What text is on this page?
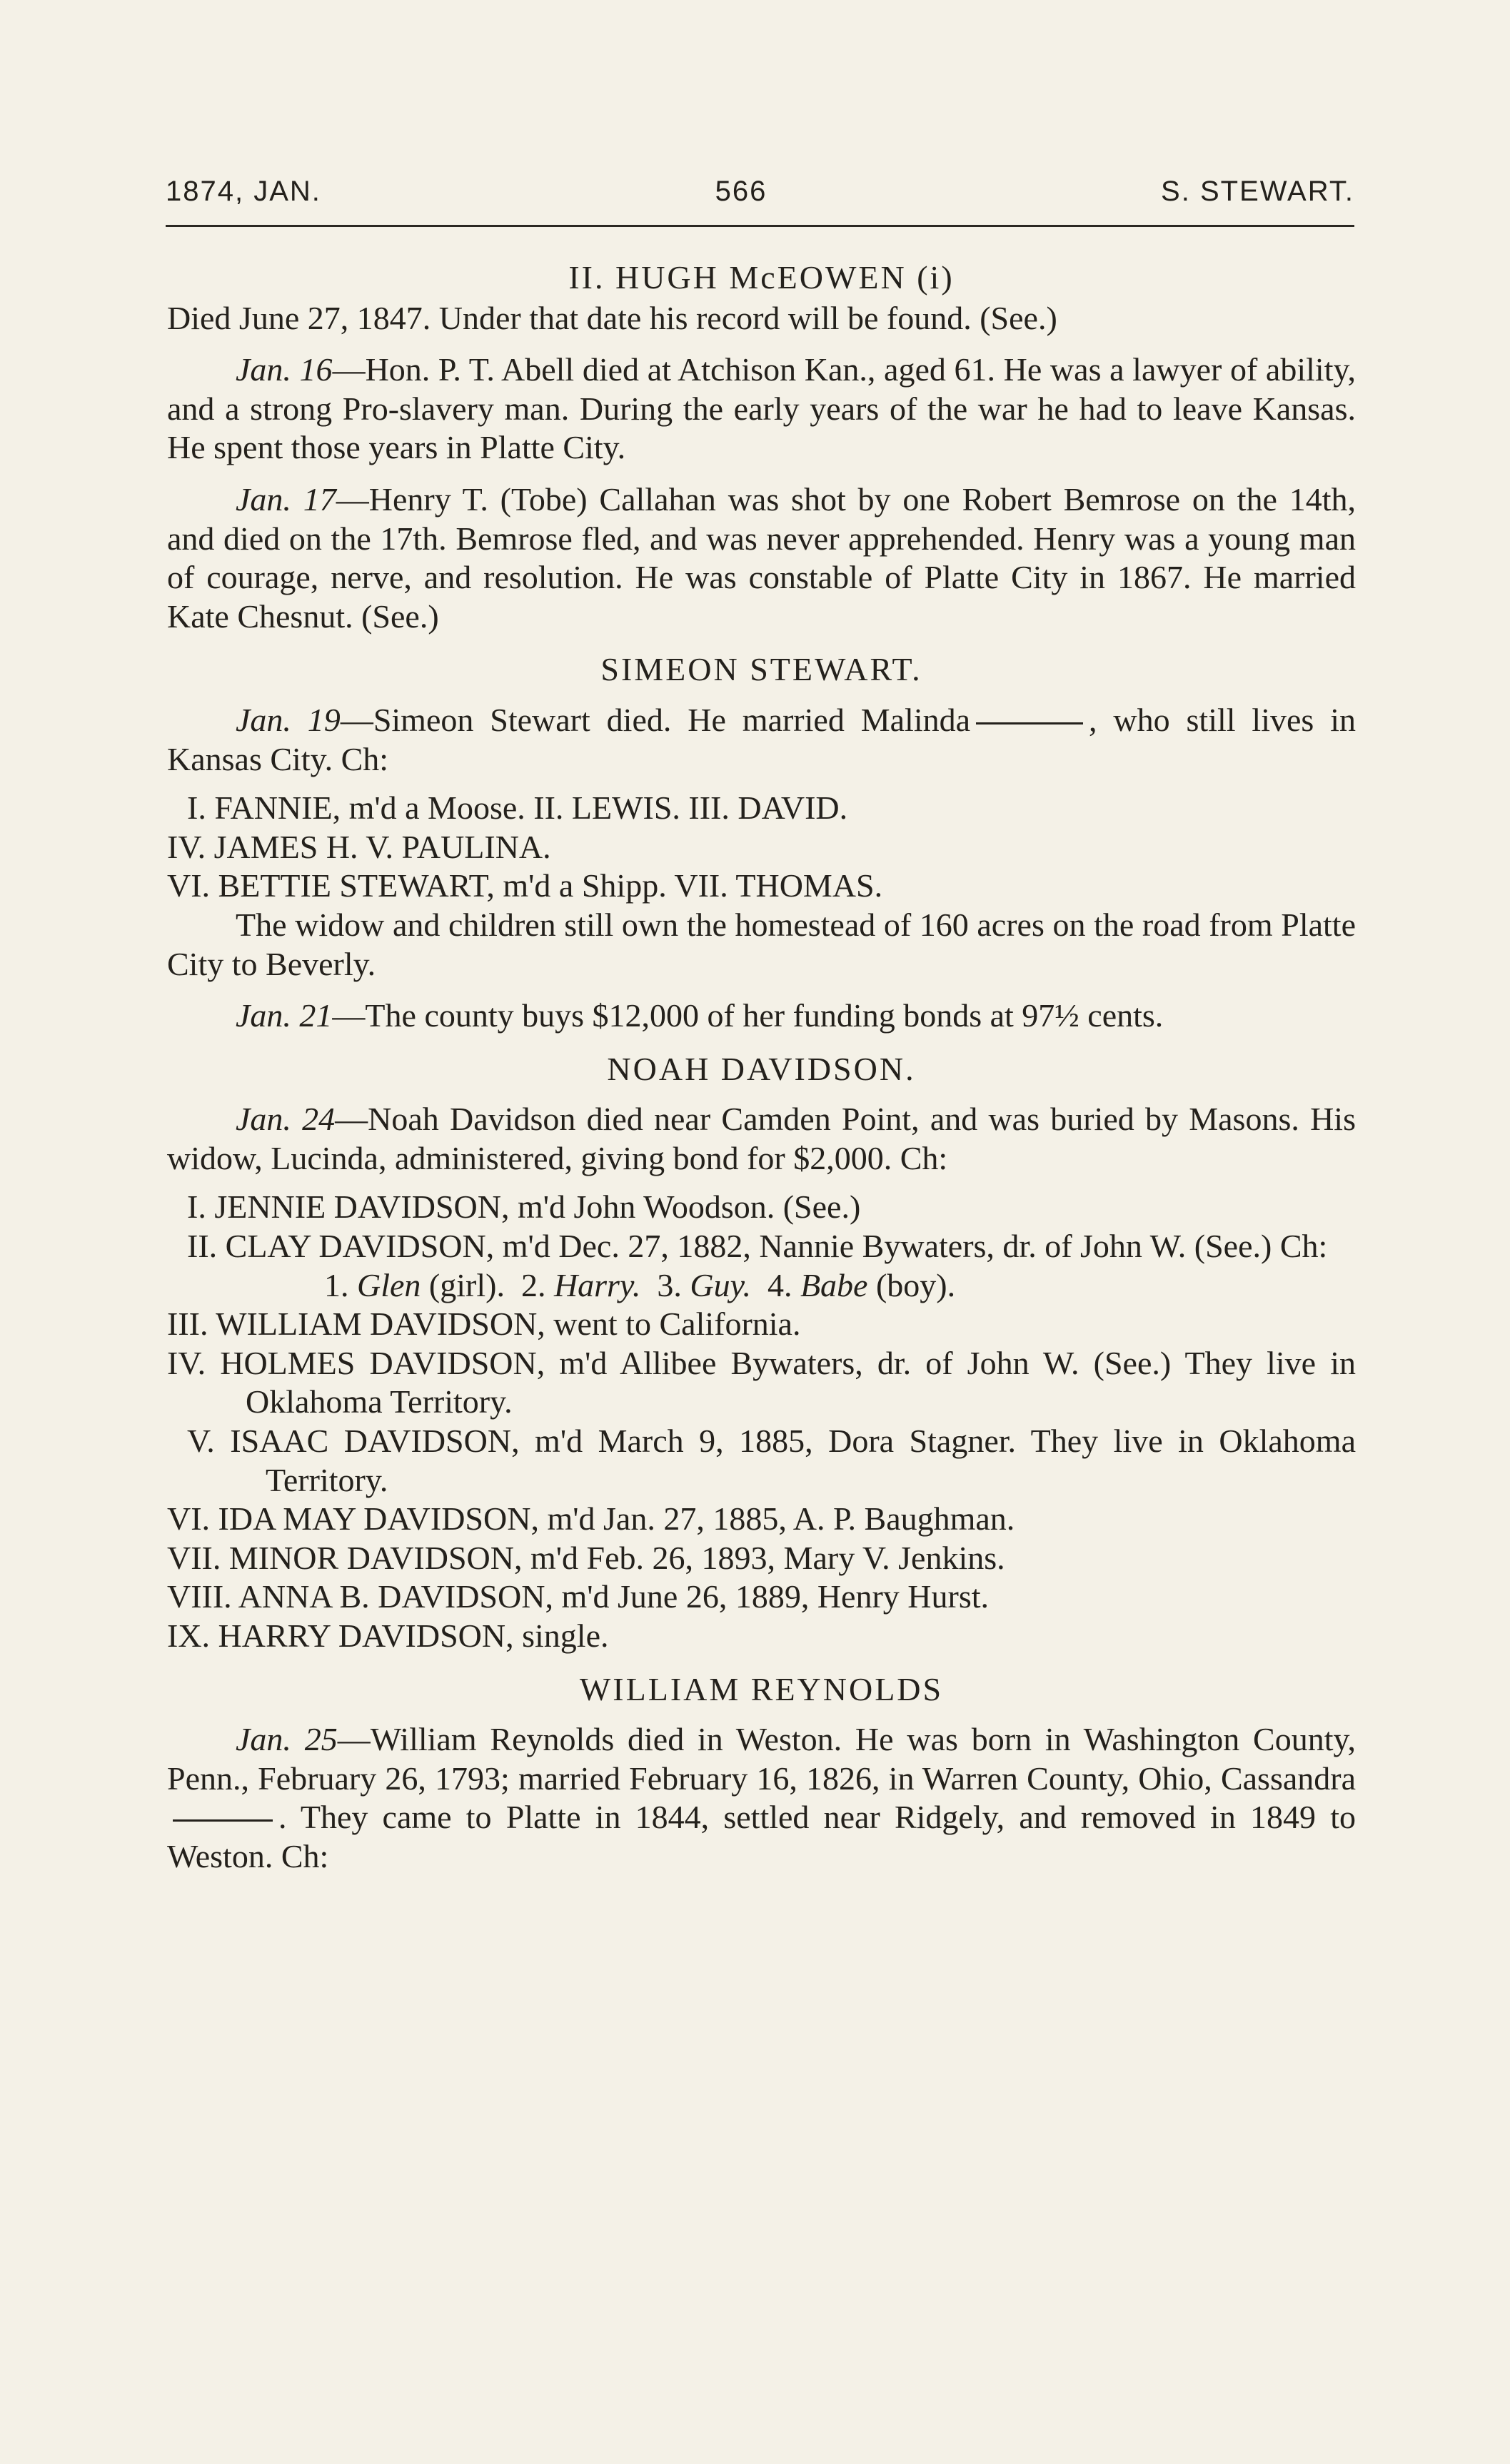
1874, JAN.	566	S. STEWART.
II. HUGH McEOWEN (i)

Died June 27, 1847. Under that date his record will be found. (See.)

Jan. 16—Hon. P. T. Abell died at Atchison Kan., aged 61. He was a lawyer of ability, and a strong Pro-slavery man. During the early years of the war he had to leave Kansas. He spent those years in Platte City.

Jan. 17—Henry T. (Tobe) Callahan was shot by one Robert Bemrose on the 14th, and died on the 17th. Bemrose fled, and was never apprehended. Henry was a young man of courage, nerve, and resolution. He was constable of Platte City in 1867. He married Kate Chesnut. (See.)

SIMEON STEWART.

Jan. 19—Simeon Stewart died. He married Malinda	, who still lives in Kansas City. Ch:

I. FANNIE, m'd a Moose. II. LEWIS. III. DAVID.
IV. JAMES H. V. PAULINA.
VI. BETTIE STEWART, m'd a Shipp. VII. THOMAS.

The widow and children still own the homestead of 160 acres on the road from Platte City to Beverly.

Jan. 21—The county buys $12,000 of her funding bonds at 97½ cents.

NOAH DAVIDSON.

Jan. 24—Noah Davidson died near Camden Point, and was buried by Masons. His widow, Lucinda, administered, giving bond for $2,000. Ch:

I. JENNIE DAVIDSON, m'd John Woodson. (See.)
II. CLAY DAVIDSON, m'd Dec. 27, 1882, Nannie Bywaters, dr. of John W. (See.) Ch:
1. Glen (girl). 2. Harry. 3. Guy. 4. Babe (boy).
III. WILLIAM DAVIDSON, went to California.
IV. HOLMES DAVIDSON, m'd Allibee Bywaters, dr. of John W. (See.) They live in Oklahoma Territory.
V. ISAAC DAVIDSON, m'd March 9, 1885, Dora Stagner. They live in Oklahoma Territory.
VI. IDA MAY DAVIDSON, m'd Jan. 27, 1885, A. P. Baughman.
VII. MINOR DAVIDSON, m'd Feb. 26, 1893, Mary V. Jenkins.
VIII. ANNA B. DAVIDSON, m'd June 26, 1889, Henry Hurst.
IX. HARRY DAVIDSON, single.
WILLIAM REYNOLDS

Jan. 25—William Reynolds died in Weston. He was born in Washington County, Penn., February 26, 1793; married February 16, 1826, in Warren County, Ohio, Cassandra. They came to Platte in 1844, settled near Ridgely, and removed in 1849 to Weston. Ch:
